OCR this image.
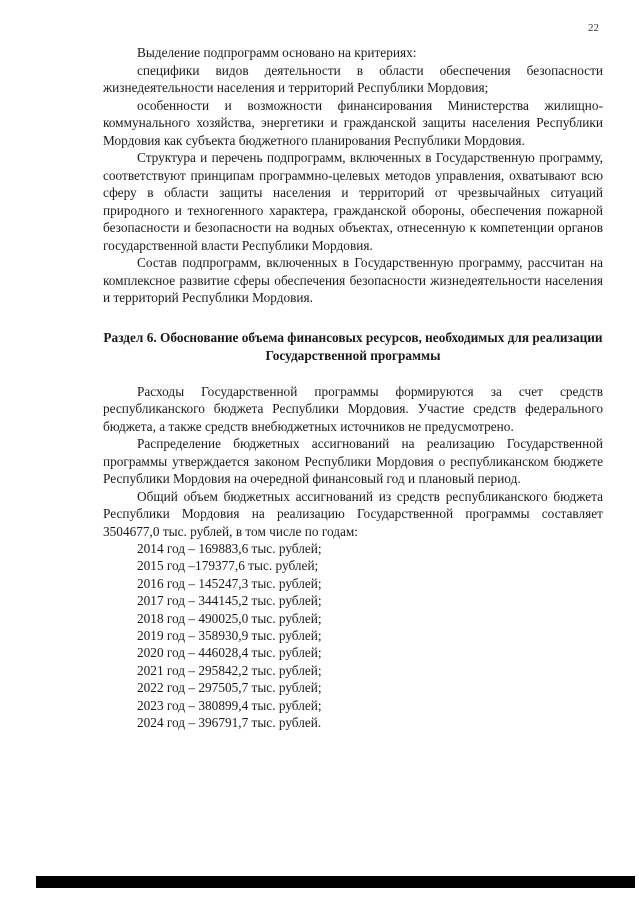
22

Выделение подпрограмм основано на критериях:

специфики видов деятельности в области обеспечения безопасности жизнедеятельности населения и территорий Республики Мордовия;

особенности и возможности финансирования Министерства жилищно-коммунального хозяйства, энергетики и гражданской защиты населения Республики Мордовия как субъекта бюджетного планирования Республики Мордовия.

Структура и перечень подпрограмм, включенных в Государственную программу, соответствуют принципам программно-целевых методов управления, охватывают всю сферу в области защиты населения и территорий от чрезвычайных ситуаций природного и техногенного характера, гражданской обороны, обеспечения пожарной безопасности и безопасности на водных объектах, отнесенную к компетенции органов государственной власти Республики Мордовия.

Состав подпрограмм, включенных в Государственную программу, рассчитан на комплексное развитие сферы обеспечения безопасности жизнедеятельности населения и территорий Республики Мордовия.

Раздел 6. Обоснование объема финансовых ресурсов, необходимых для реализации Государственной программы

Расходы Государственной программы формируются за счет средств республиканского бюджета Республики Мордовия. Участие средств федерального бюджета, а также средств внебюджетных источников не предусмотрено.

Распределение бюджетных ассигнований на реализацию Государственной программы утверждается законом Республики Мордовия о республиканском бюджете Республики Мордовия на очередной финансовый год и плановый период.

Общий объем бюджетных ассигнований из средств республиканского бюджета Республики Мордовия на реализацию Государственной программы составляет 3504677,0 тыс. рублей, в том числе по годам:

2014 год – 169883,6 тыс. рублей;
2015 год –179377,6 тыс. рублей;
2016 год – 145247,3 тыс. рублей;
2017 год – 344145,2 тыс. рублей;
2018 год – 490025,0 тыс. рублей;
2019 год – 358930,9 тыс. рублей;
2020 год – 446028,4 тыс. рублей;
2021 год – 295842,2 тыс. рублей;
2022 год – 297505,7 тыс. рублей;
2023 год – 380899,4 тыс. рублей;
2024 год – 396791,7 тыс. рублей.
